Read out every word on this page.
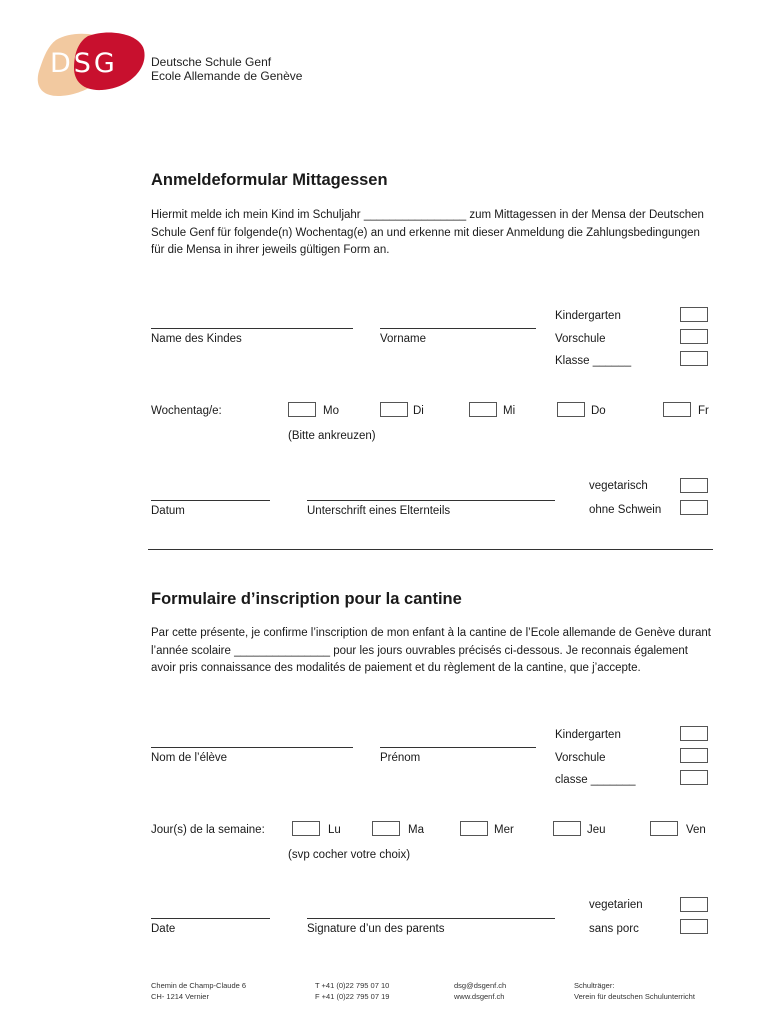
DSG	Deutsche Schule Genf
Ecole Allemande de Genève
Anmeldeformular Mittagessen
Hiermit melde ich mein Kind im Schuljahr ________________ zum Mittagessen in der Mensa der Deutschen Schule Genf für folgende(n) Wochentag(e) an und erkenne mit dieser Anmeldung die Zahlungsbedingungen für die Mensa in ihrer jeweils gültigen Form an.
Name des Kindes	Vorname
Kindergarten
Vorschule
Klasse ______
Wochentag/e:	Mo	Di	Mi	Do	Fr
(Bitte ankreuzen)
vegetarisch
ohne Schwein
Datum	Unterschrift eines Elternteils
Formulaire d’inscription pour la cantine
Par cette présente, je confirme l’inscription de mon enfant à la cantine de l’Ecole allemande de Genève durant l’année scolaire _______________ pour les jours ouvrables précisés ci-dessous. Je reconnais également avoir pris connaissance des modalités de paiement et du règlement de la cantine, que j’accepte.
Nom de l’élève	Prénom
Kindergarten
Vorschule
classe _______
Jour(s) de la semaine:	Lu	Ma	Mer	Jeu	Ven
(svp cocher votre choix)
vegetarien
sans porc
Date	Signature d’un des parents
Chemin de Champ-Claude 6
CH- 1214 Vernier
T +41 (0)22 795 07 10
F +41 (0)22 795 07 19
dsg@dsgenf.ch
www.dsgenf.ch
Schulträger:
Verein für deutschen Schulunterricht
